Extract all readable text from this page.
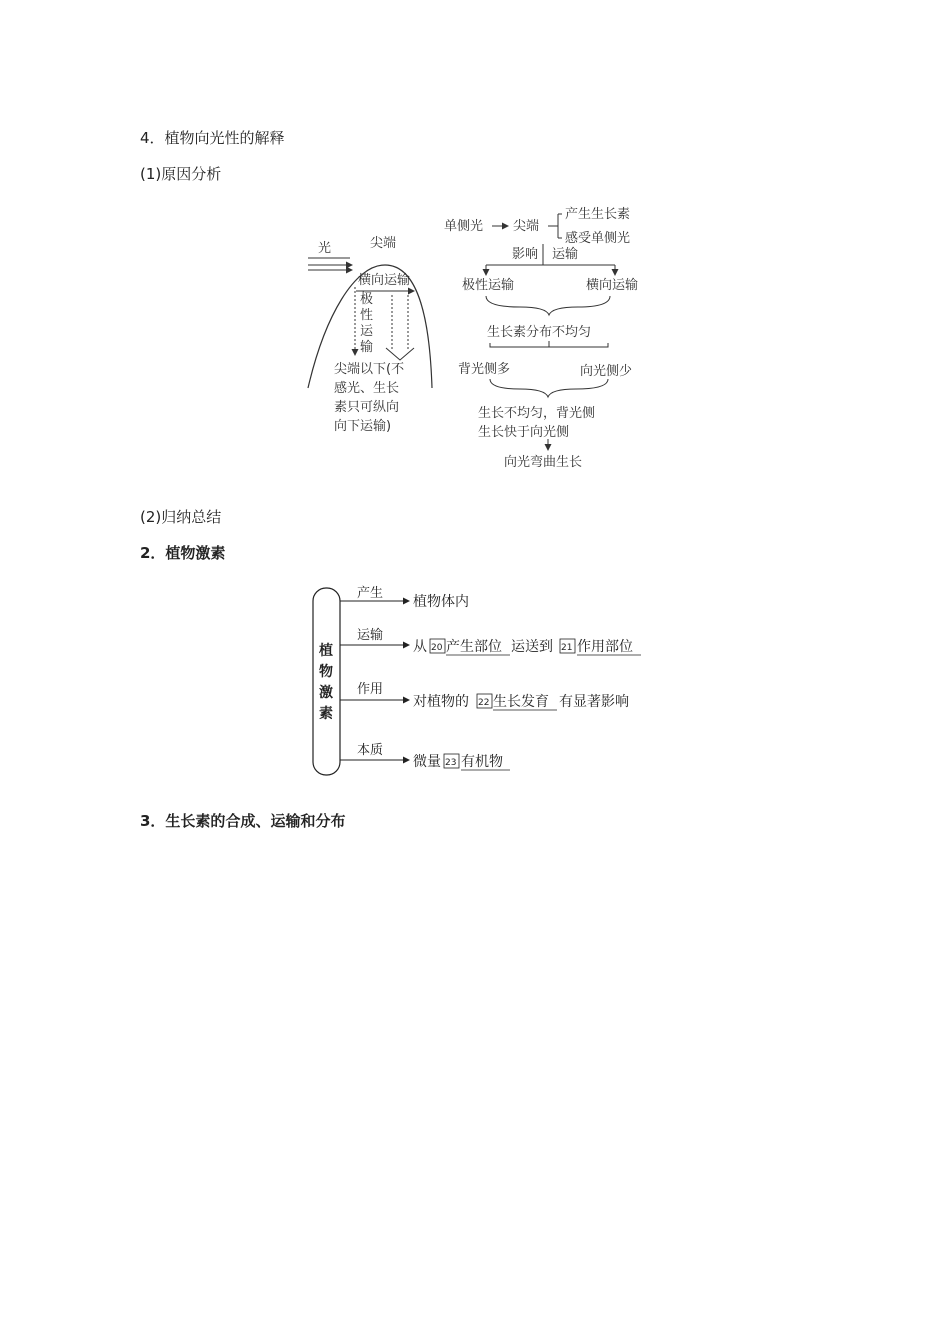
4．植物向光性的解释
(1)原因分析
光	尖端
横向运输
极
性
运
输
尖端以下(不
感光、生长
素只可纵向
向下运输)
单侧光 尖端
产生生长素
感受单侧光
影响 运输
极性运输	横向运输
生长素分布不均匀
背光侧多	向光侧少
生长不均匀，背光侧
生长快于向光侧
向光弯曲生长
(2)归纳总结
2．植物激素
植
物
激
素
产生
运输
作用
本质
植物体内
从 20 产生部位 运送到 21 作用部位
对植物的 22 生长发育 有显著影响
微量 23 有机物
3．生长素的合成、运输和分布
